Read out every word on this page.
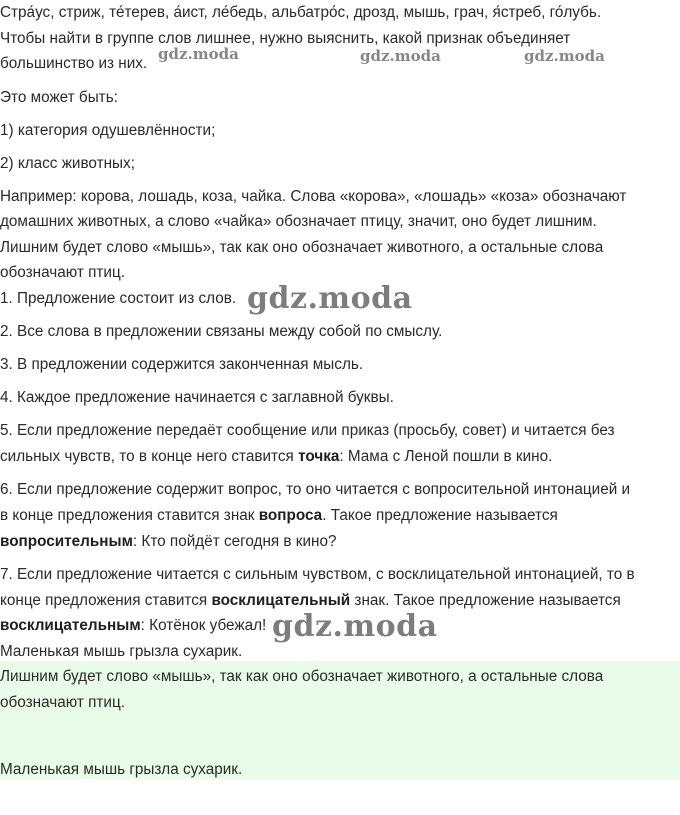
Стра́ус, стриж, те́терев, а́ист, ле́бедь, альбатро́с, дрозд, мышь, грач, я́стреб, го́лубь.
Чтобы найти в группе слов лишнее, нужно выяснить, какой признак объединяет
большинство из них.
Это может быть:
1) категория одушевлённости;
2) класс животных;
Например: корова, лошадь, коза, чайка. Слова «корова», «лошадь» «коза» обозначают
домашних животных, а слово «чайка» обозначает птицу, значит, оно будет лишним.
Лишним будет слово «мышь», так как оно обозначает животного, а остальные слова
обозначают птиц.
1. Предложение состоит из слов.
2. Все слова в предложении связаны между собой по смыслу.
3. В предложении содержится законченная мысль.
4. Каждое предложение начинается с заглавной буквы.
5. Если предложение передаёт сообщение или приказ (просьбу, совет) и читается без
сильных чувств, то в конце него ставится точка: Мама с Леной пошли в кино.
6. Если предложение содержит вопрос, то оно читается с вопросительной интонацией и
в конце предложения ставится знак вопроса. Такое предложение называется
вопросительным: Кто пойдёт сегодня в кино?
7. Если предложение читается с сильным чувством, с восклицательной интонацией, то в
конце предложения ставится восклицательный знак. Такое предложение называется
восклицательным: Котёнок убежал!
Маленькая мышь грызла сухарик.
Лишним будет слово «мышь», так как оно обозначает животного, а остальные слова
обозначают птиц.
Маленькая мышь грызла сухарик.
gdz.moda	gdz.moda	gdz.moda
gdz.moda
gdz.moda
